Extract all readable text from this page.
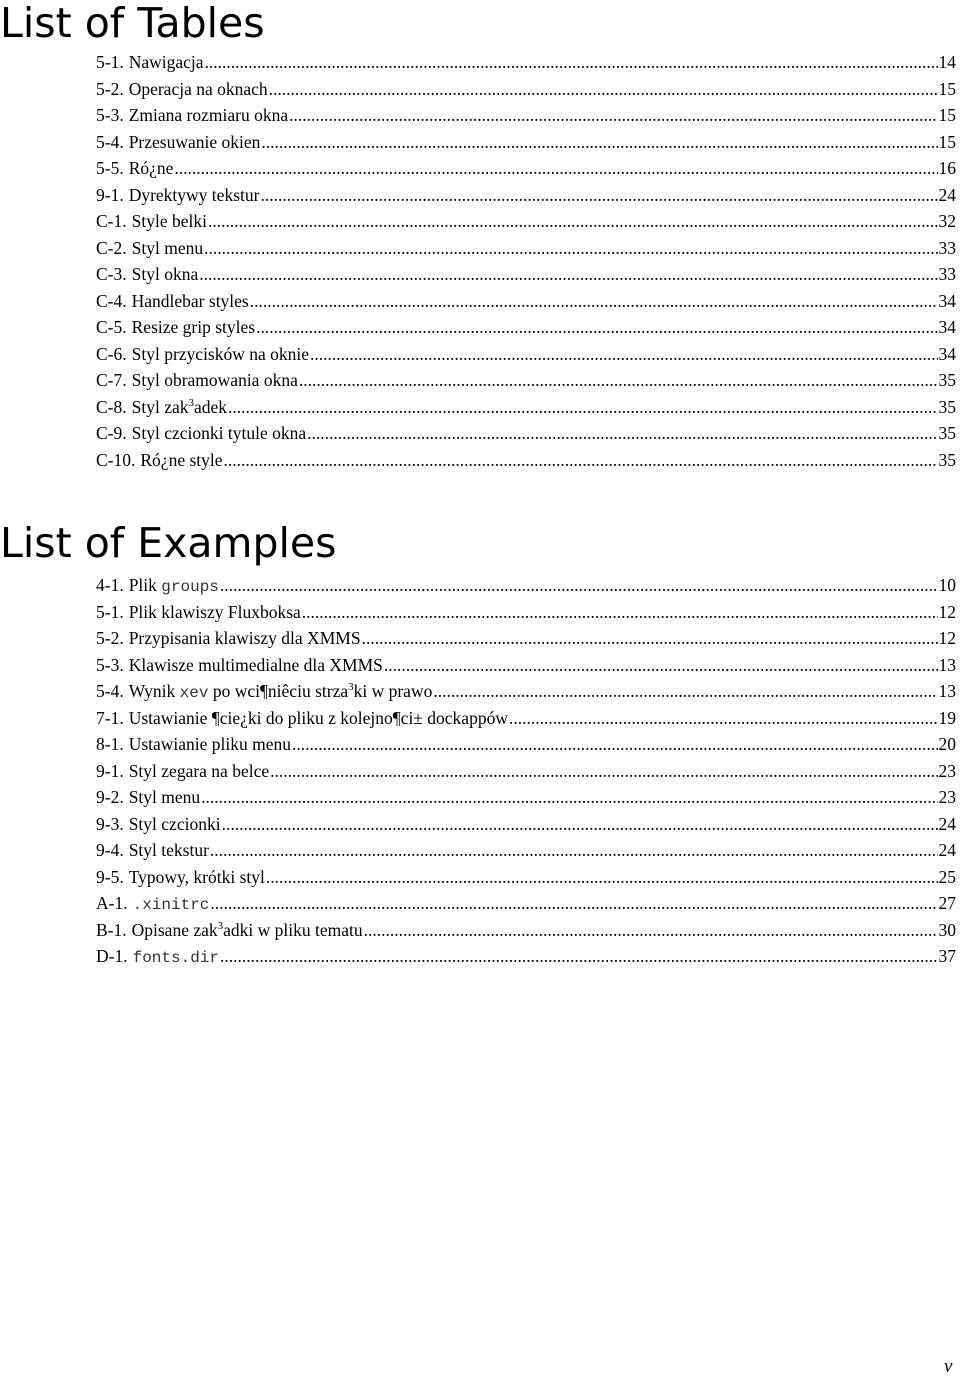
List of Tables
5-1. Nawigacja .....	14
5-2. Operacja na oknach .....	15
5-3. Zmiana rozmiaru okna .....	15
5-4. Przesuwanie okien .....	15
5-5. Ró¿ne .....	16
9-1. Dyrektywy tekstur .....	24
C-1. Style belki .....	32
C-2. Styl menu .....	33
C-3. Styl okna .....	33
C-4. Handlebar styles .....	34
C-5. Resize grip styles .....	34
C-6. Styl przycisków na oknie .....	34
C-7. Styl obramowania okna .....	35
C-8. Styl zak$^3$adek .....	35
C-9. Styl czcionki tytule okna .....	35
C-10. Ró¿ne style .....	35
List of Examples
4-1. Plik groups .....	10
5-1. Plik klawiszy Fluxboksa .....	12
5-2. Przypisania klawiszy dla XMMS .....	12
5-3. Klawisze multimedialne dla XMMS .....	13
5-4. Wynik xev po wci¶niêciu strza$^3$ki w prawo .....	13
7-1. Ustawianie ¶cie¿ki do pliku z kolejno¶ci± dockappów .....	19
8-1. Ustawianie pliku menu .....	20
9-1. Styl zegara na belce .....	23
9-2. Styl menu .....	23
9-3. Styl czcionki .....	24
9-4. Styl tekstur .....	24
9-5. Typowy, krótki styl .....	25
A-1. .xinitrc .....	27
B-1. Opisane zak$^3$adki w pliku tematu .....	30
D-1. fonts.dir .....	37
v
